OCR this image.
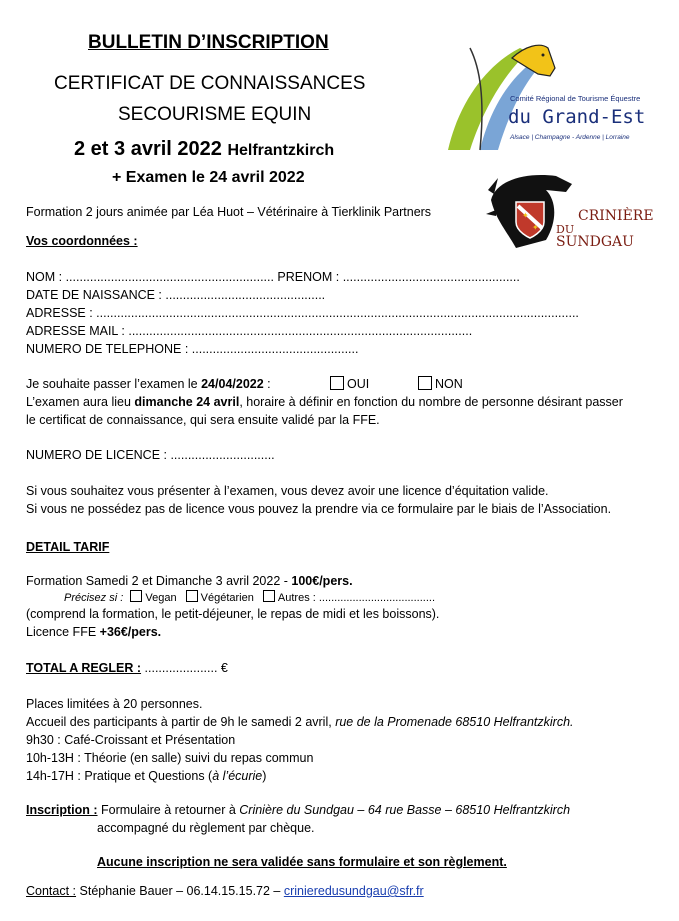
BULLETIN D’INSCRIPTION
CERTIFICAT DE CONNAISSANCES
SECOURISME EQUIN
2 et 3 avril 2022 Helfrantzkirch
+ Examen le 24 avril 2022
Comité Régional de Tourisme Équestre
du Grand-Est
Alsace | Champagne - Ardenne | Lorraine
✦
✦
CRINIÈRE
DU
SUNDGAU
Formation 2 jours animée par Léa Huot – Vétérinaire à Tierklinik Partners
Vos coordonnées :
NOM : ............................................................ PRENOM : ...................................................
DATE DE NAISSANCE : ..............................................
ADRESSE : ...........................................................................................................................................
ADRESSE MAIL : ...................................................................................................
NUMERO DE TELEPHONE : ................................................
Je souhaite passer l’examen le 24/04/2022 :	OUI	NON
L’examen aura lieu dimanche 24 avril, horaire à définir en fonction du nombre de personne désirant passer
le certificat de connaissance, qui sera ensuite validé par la FFE.
NUMERO DE LICENCE : ..............................
Si vous souhaitez vous présenter à l’examen, vous devez avoir une licence d’équitation valide.
Si vous ne possédez pas de licence vous pouvez la prendre via ce formulaire par le biais de l’Association.
DETAIL TARIF
Formation Samedi 2 et Dimanche 3 avril 2022 - 100€/pers.
Précisez si : Vegan Végétarien Autres : ......................................
(comprend la formation, le petit-déjeuner, le repas de midi et les boissons).
Licence FFE +36€/pers.
TOTAL A REGLER : ..................... €
Places limitées à 20 personnes.
Accueil des participants à partir de 9h le samedi 2 avril, rue de la Promenade 68510 Helfrantzkirch.
9h30 : Café-Croissant et Présentation
10h-13H : Théorie (en salle) suivi du repas commun
14h-17H : Pratique et Questions (à l’écurie)
Inscription : Formulaire à retourner à Crinière du Sundgau – 64 rue Basse – 68510 Helfrantzkirch
accompagné du règlement par chèque.
Aucune inscription ne sera validée sans formulaire et son règlement.
Contact : Stéphanie Bauer – 06.14.15.15.72 – crinieredusundgau@sfr.fr
